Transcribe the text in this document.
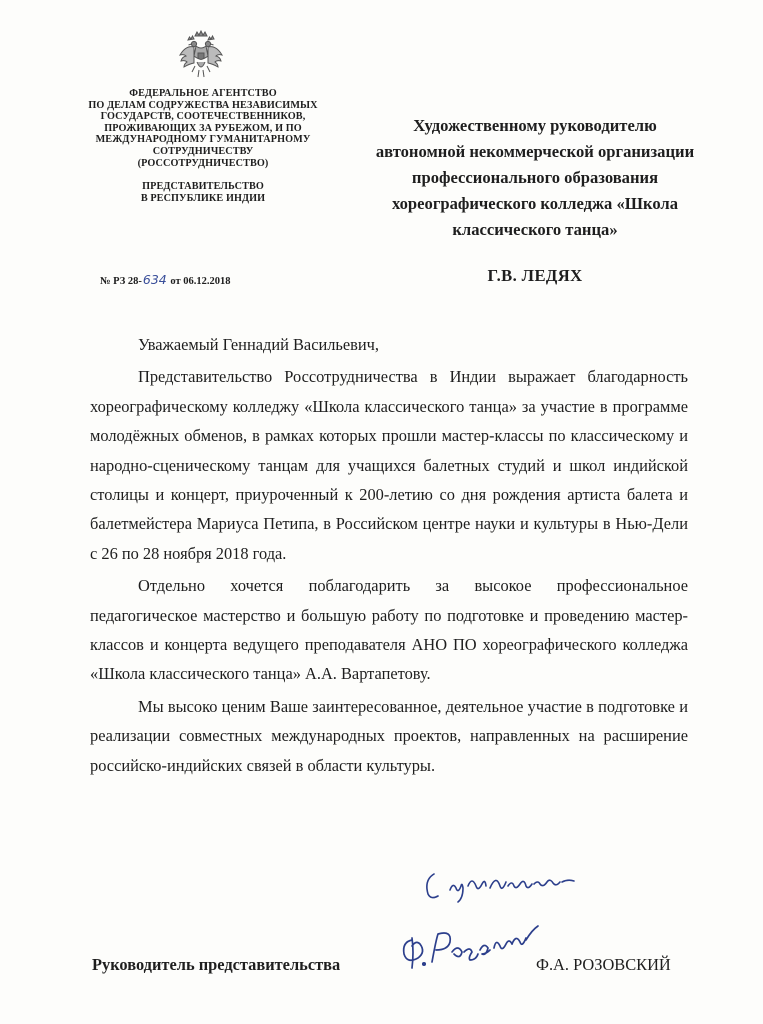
ФЕДЕРАЛЬНОЕ АГЕНТСТВО
ПО ДЕЛАМ СОДРУЖЕСТВА НЕЗАВИСИМЫХ
ГОСУДАРСТВ, СООТЕЧЕСТВЕННИКОВ,
ПРОЖИВАЮЩИХ ЗА РУБЕЖОМ, И ПО
МЕЖДУНАРОДНОМУ ГУМАНИТАРНОМУ
СОТРУДНИЧЕСТВУ
(РОССОТРУДНИЧЕСТВО)
ПРЕДСТАВИТЕЛЬСТВО
В РЕСПУБЛИКЕ ИНДИИ
№ РЗ 28-634 от 06.12.2018
Художественному руководителю
автономной некоммерческой организации
профессионального образования
хореографического колледжа «Школа
классического танца»
Г.В. ЛЕДЯХ

Уважаемый Геннадий Васильевич,

Представительство Россотрудничества в Индии выражает благодарность хореографическому колледжу «Школа классического танца» за участие в программе молодёжных обменов, в рамках которых прошли мастер-классы по классическому и народно-сценическому танцам для учащихся балетных студий и школ индийской столицы и концерт, приуроченный к 200-летию со дня рождения артиста балета и балетмейстера Мариуса Петипа, в Российском центре науки и культуры в Нью-Дели с 26 по 28 ноября 2018 года.

Отдельно хочется поблагодарить за высокое профессиональное педагогическое мастерство и большую работу по подготовке и проведению мастер-классов и концерта ведущего преподавателя АНО ПО хореографического колледжа «Школа классического танца» А.А. Вартапетову.

Мы высоко ценим Ваше заинтересованное, деятельное участие в подготовке и реализации совместных международных проектов, направленных на расширение российско-индийских связей в области культуры.

Руководитель представительства	Ф.А. РОЗОВСКИЙ
